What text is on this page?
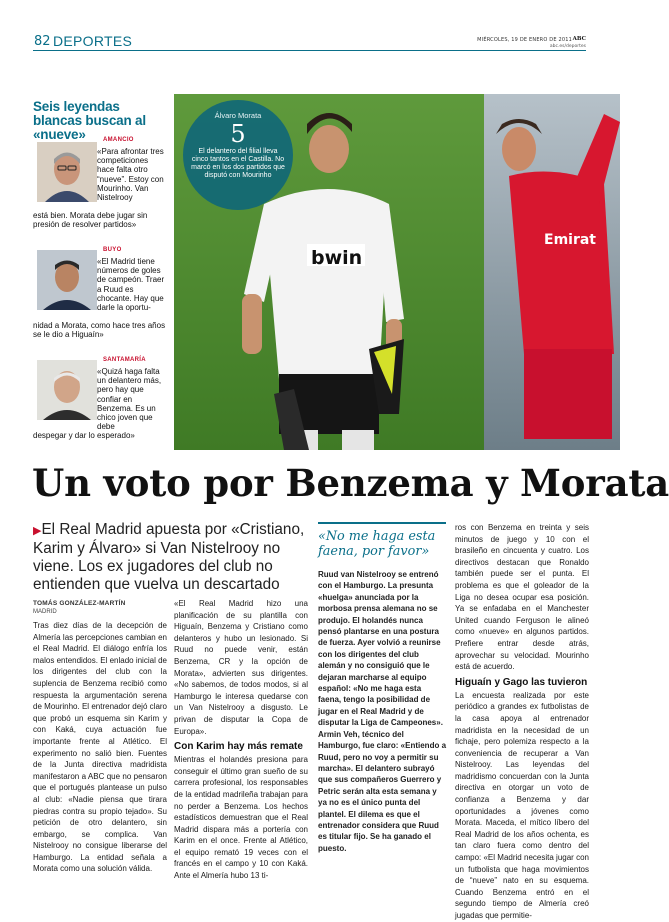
82 DEPORTES	MIÉRCOLES, 19 DE ENERO DE 2011 ABC
abc.es/deportes
Seis leyendas blancas buscan al «nueve»	AMANCIO
«Para afrontar tres competiciones hace falta otro “nueve”. Estoy con Mourinho. Van Nistelrooy
está bien. Morata debe jugar sin presión de resolver partidos»
BUYO
«El Madrid tiene números de goles de campeón. Traer a Ruud es chocante. Hay que darle la oportu-
nidad a Morata, como hace tres años se le dio a Higuaín»
SANTAMARÍA
«Quizá haga falta un delantero más, pero hay que confiar en Benzema. Es un chico joven que debe
despegar y dar lo esperado»
bwin
Emirat
Álvaro Morata
5
El delantero del filial lleva cinco tantos en el Castilla. No marcó en los dos partidos que disputó con Mourinho
Un voto por Benzema y Morata
▶El Real Madrid apuesta por «Cristiano, Karim y Álvaro» si Van Nistelrooy no viene. Los ex jugadores del club no entienden que vuelva un descartado
TOMÁS GONZÁLEZ-MARTÍN
MADRID
Tras diez días de la decepción de Almería las percepciones cambian en el Real Madrid. El diálogo enfría los malos entendidos. El enlado inicial de los dirigentes del club con la suplencia de Benzema recibió como respuesta la argumentación serena de Mourinho. El entrenador dejó claro que probó un esquema sin Karim y con Kaká, cuya actuación fue importante frente al Atlético. El experimento no salió bien. Fuentes de la Junta directiva madridista manifestaron a ABC que no pensaron que el portugués plantease un pulso al club: «Nadie piensa que tirara piedras contra su propio tejado». Su petición de otro delantero, sin embargo, se complica. Van Nistelrooy no consigue liberarse del Hamburgo. La entidad señala a Morata como una solución válida.

«El Real Madrid hizo una planificación de su plantilla con Higuaín, Benzema y Cristiano como delanteros y hubo un lesionado. Si Ruud no puede venir, están Benzema, CR y la opción de Morata», advierten sus dirigentes. «No sabemos, de todos modos, si al Hamburgo le interesa quedarse con un Van Nistelrooy a disgusto. Le privan de disputar la Copa de Europa».

Con Karim hay más remate

Mientras el holandés presiona para conseguir el último gran sueño de su carrera profesional, los responsables de la entidad madrileña trabajan para no perder a Benzema. Los hechos estadísticos demuestran que el Real Madrid dispara más a portería con Karim en el once. Frente al Atlético, el equipo remató 19 veces con el francés en el campo y 10 con Kaká. Ante el Almería hubo 13 ti-

«No me haga esta faena, por favor»
Ruud van Nistelrooy se entrenó con el Hamburgo. La presunta «huelga» anunciada por la morbosa prensa alemana no se produjo. El holandés nunca pensó plantarse en una postura de fuerza. Ayer volvió a reunirse con los dirigentes del club alemán y no consiguió que le dejaran marcharse al equipo español: «No me haga esta faena, tengo la posibilidad de jugar en el Real Madrid y de disputar la Liga de Campeones». Armin Veh, técnico del Hamburgo, fue claro: «Entiendo a Ruud, pero no voy a permitir su marcha». El delantero subrayó que sus compañeros Guerrero y Petric serán alta esta semana y ya no es el único punta del plantel. El dilema es que el entrenador considera que Ruud es titular fijo. Se ha ganado el puesto.

ros con Benzema en treinta y seis minutos de juego y 10 con el brasileño en cincuenta y cuatro. Los directivos destacan que Ronaldo también puede ser el punta. El problema es que el goleador de la Liga no desea ocupar esa posición. Ya se enfadaba en el Manchester United cuando Ferguson le alineó como «nueve» en algunos partidos. Prefiere entrar desde atrás, aprovechar su velocidad. Mourinho está de acuerdo.

Higuaín y Gago las tuvieron

La encuesta realizada por este periódico a grandes ex futbolistas de la casa apoya al entrenador madridista en la necesidad de un fichaje, pero polemiza respecto a la conveniencia de recuperar a Van Nistelrooy. Las leyendas del madridismo concuerdan con la Junta directiva en otorgar un voto de confianza a Benzema y dar oportunidades a jóvenes como Morata. Maceda, el mítico líbero del Real Madrid de los años ochenta, es tan claro fuera como dentro del campo: «El Madrid necesita jugar con un futbolista que haga movimientos de “nueve” nato en su esquema. Cuando Benzema entró en el segundo tiempo de Almería creó jugadas que permitie-
